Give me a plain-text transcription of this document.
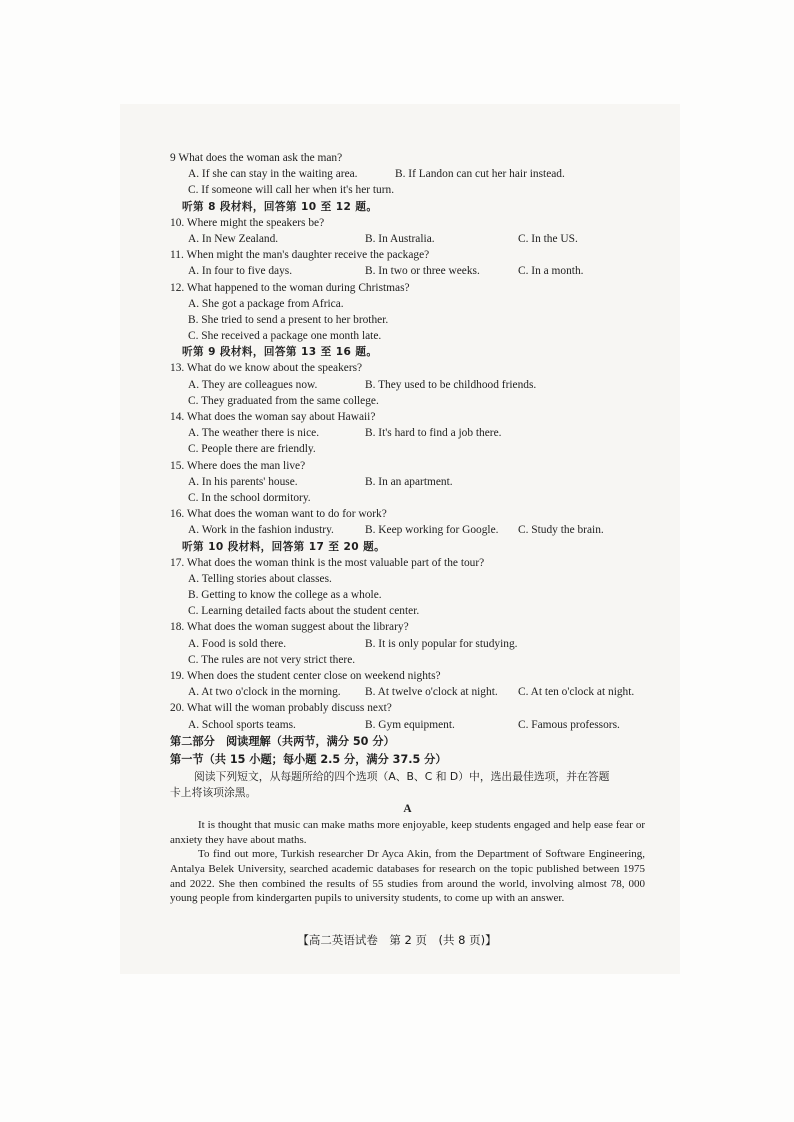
9 What does the woman ask the man?
A. If she can stay in the waiting area.	B. If Landon can cut her hair instead.
C. If someone will call her when it's her turn.
听第 8 段材料，回答第 10 至 12 题。
10. Where might the speakers be?
A. In New Zealand.	B. In Australia.	C. In the US.
11. When might the man's daughter receive the package?
A. In four to five days.	B. In two or three weeks.	C. In a month.
12. What happened to the woman during Christmas?
A. She got a package from Africa.
B. She tried to send a present to her brother.
C. She received a package one month late.
听第 9 段材料，回答第 13 至 16 题。
13. What do we know about the speakers?
A. They are colleagues now.	B. They used to be childhood friends.
C. They graduated from the same college.
14. What does the woman say about Hawaii?
A. The weather there is nice.	B. It's hard to find a job there.
C. People there are friendly.
15. Where does the man live?
A. In his parents' house.	B. In an apartment.
C. In the school dormitory.
16. What does the woman want to do for work?
A. Work in the fashion industry.	B. Keep working for Google. C. Study the brain.
听第 10 段材料，回答第 17 至 20 题。
17. What does the woman think is the most valuable part of the tour?
A. Telling stories about classes.
B. Getting to know the college as a whole.
C. Learning detailed facts about the student center.
18. What does the woman suggest about the library?
A. Food is sold there.	B. It is only popular for studying.
C. The rules are not very strict there.
19. When does the student center close on weekend nights?
A. At two o'clock in the morning. B. At twelve o'clock at night. C. At ten o'clock at night.
20. What will the woman probably discuss next?
A. School sports teams.	B. Gym equipment.	C. Famous professors.
第二部分　阅读理解（共两节，满分 50 分）
第一节（共 15 小题；每小题 2.5 分，满分 37.5 分）
阅读下列短文，从每题所给的四个选项（A、B、C 和 D）中，选出最佳选项，并在答题
卡上将该项涂黑。
A

It is thought that music can make maths more enjoyable, keep students engaged and help ease fear or anxiety they have about maths.

To find out more, Turkish researcher Dr Ayca Akin, from the Department of Software Engineering, Antalya Belek University, searched academic databases for research on the topic published between 1975 and 2022. She then combined the results of 55 studies from around the world, involving almost 78, 000 young people from kindergarten pupils to university students, to come up with an answer.

【高二英语试卷　第 2 页　(共 8 页)】
